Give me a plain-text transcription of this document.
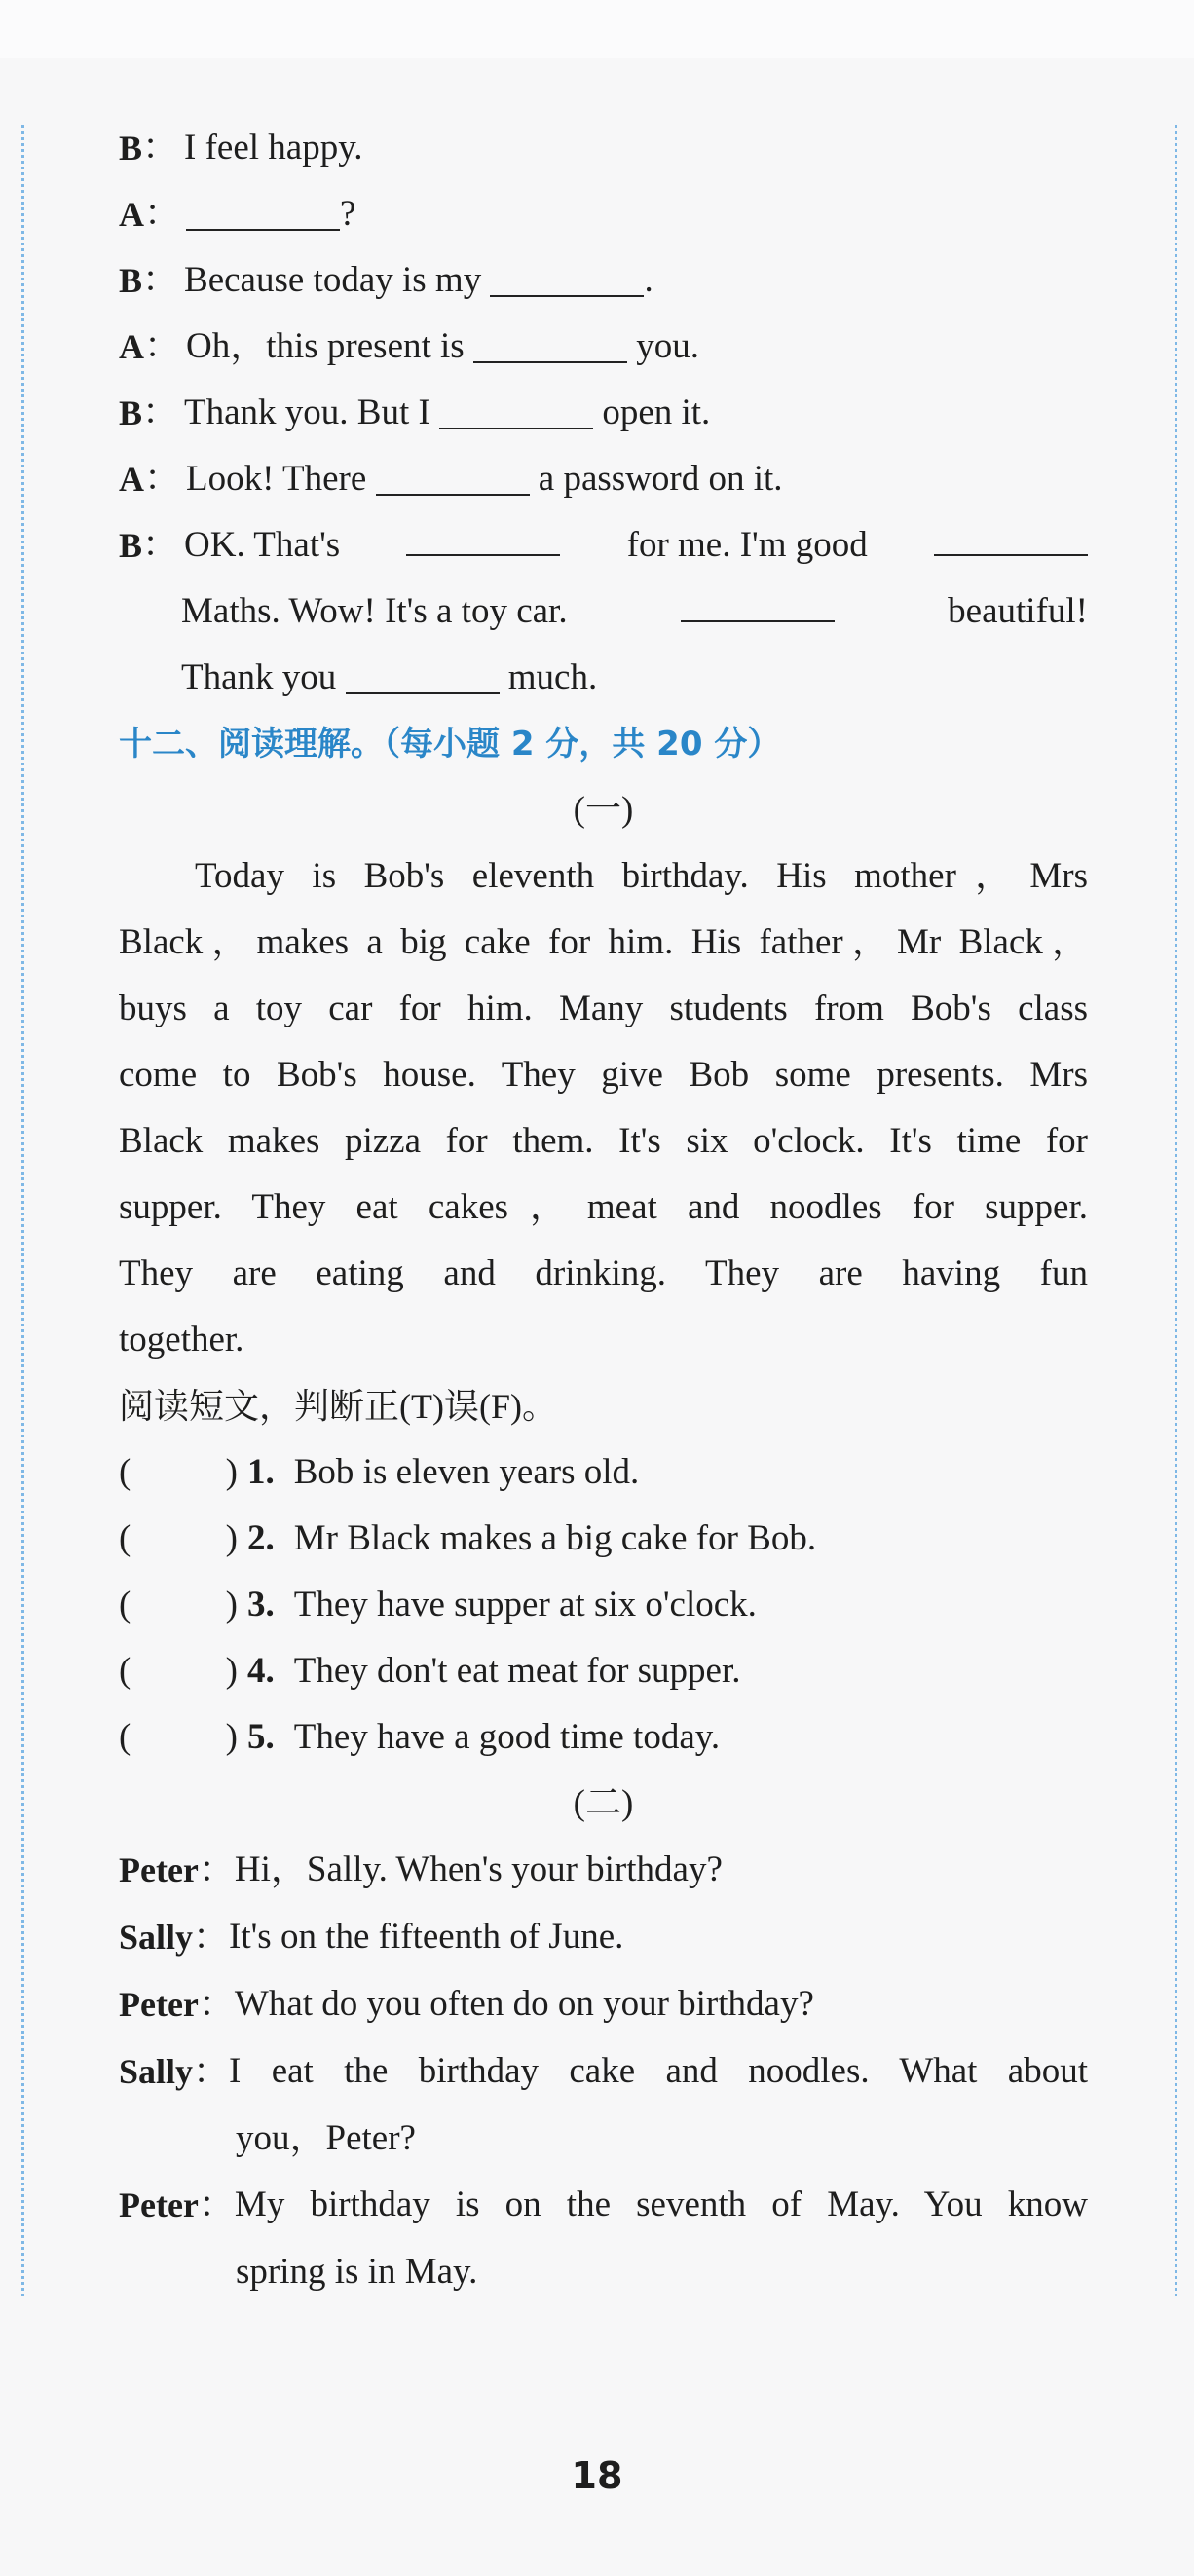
B ： I feel happy.
A ：	?
B ： Because today is my	.
A ： Oh，this present is	you.
B ： Thank you. But I	open it.
A ： Look! There	a password on it.
B ： OK. That's	for me. I'm good
Maths. Wow! It's a toy car.	beautiful!
Thank you	much.
十二、阅读理解。（每小题 2 分，共 20 分）
(一)
Today is Bob's eleventh birthday. His mother，Mrs
Black，makes a big cake for him. His father，Mr Black，
buys a toy car for him. Many students from Bob's class
come to Bob's house. They give Bob some presents. Mrs
Black makes pizza for them. It's six o'clock. It's time for
supper. They eat cakes，meat and noodles for supper.
They are eating and drinking. They are having fun
together.
阅读短文，判断正(T)误(F)。
(	) 1. Bob is eleven years old.
(	) 2. Mr Black makes a big cake for Bob.
(	) 3. They have supper at six o'clock.
(	) 4. They don't eat meat for supper.
(	) 5. They have a good time today.
(二)
Peter： Hi，Sally. When's your birthday?
Sally： It's on the fifteenth of June.
Peter： What do you often do on your birthday?
Sally： I eat the birthday cake and noodles. What about
you，Peter?
Peter： My birthday is on the seventh of May. You know
spring is in May.
18
